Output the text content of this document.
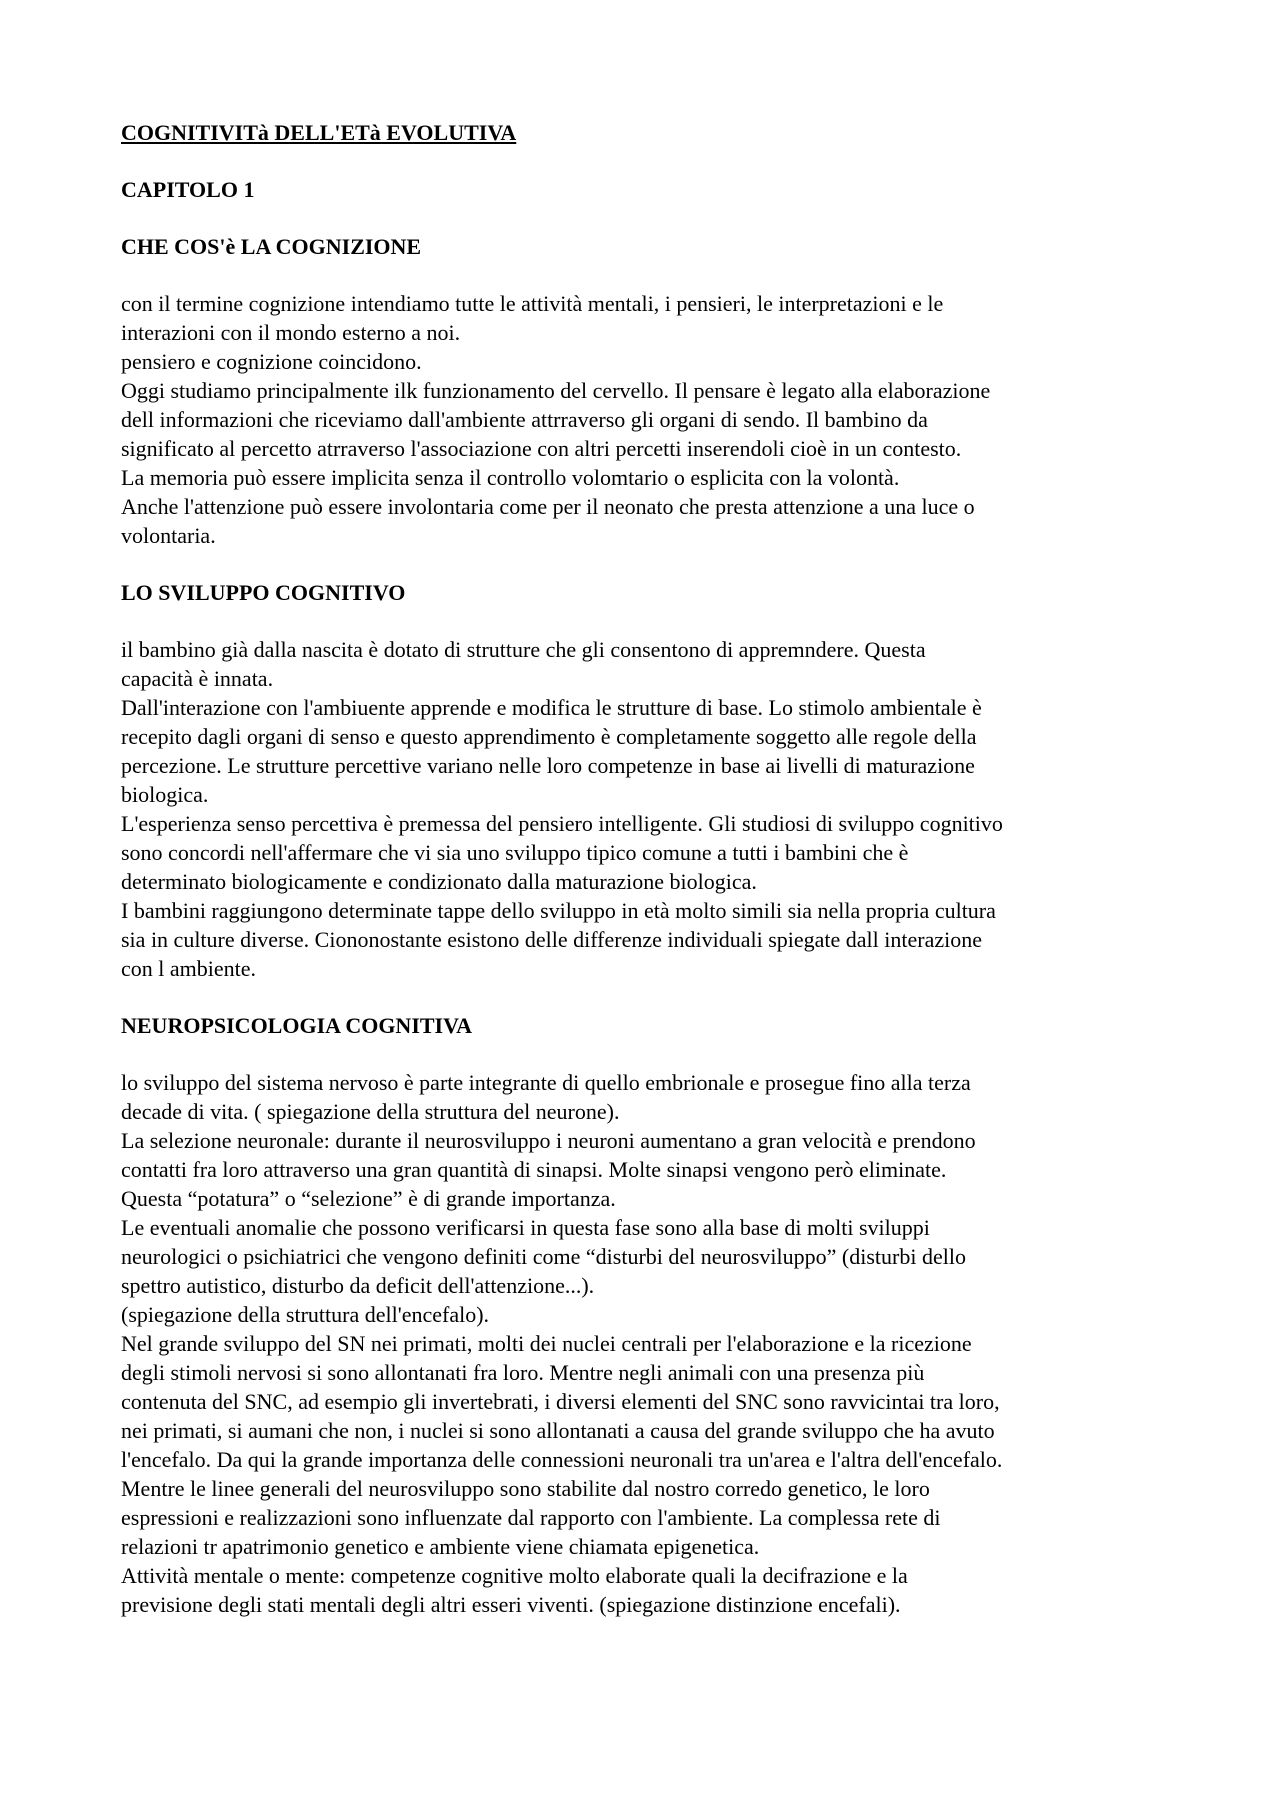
COGNITIVITà DELL'ETà EVOLUTIVA
CAPITOLO 1
CHE COS'è LA COGNIZIONE
con il termine cognizione intendiamo tutte le attività mentali, i pensieri, le interpretazioni e le
interazioni con il mondo esterno a noi.
pensiero e cognizione coincidono.
Oggi studiamo principalmente ilk funzionamento del cervello. Il pensare è legato alla elaborazione
dell informazioni che riceviamo dall'ambiente attrraverso gli organi di sendo. Il bambino da
significato al percetto atrraverso l'associazione con altri percetti inserendoli cioè in un contesto.
La memoria può essere implicita senza il controllo volomtario o esplicita con la volontà.
Anche l'attenzione può essere involontaria come per il neonato che presta attenzione a una luce o
volontaria.
LO SVILUPPO COGNITIVO
il bambino già dalla nascita è dotato di strutture che gli consentono di appremndere. Questa
capacità è innata.
Dall'interazione con l'ambiuente apprende e modifica le strutture di base. Lo stimolo ambientale è
recepito dagli organi di senso e questo apprendimento è completamente soggetto alle regole della
percezione. Le strutture percettive variano nelle loro competenze in base ai livelli di maturazione
biologica.
L'esperienza senso percettiva è premessa del pensiero intelligente. Gli studiosi di sviluppo cognitivo
sono concordi nell'affermare che vi sia uno sviluppo tipico comune a tutti i bambini che è
determinato biologicamente e condizionato dalla maturazione biologica.
I bambini raggiungono determinate tappe dello sviluppo in età molto simili sia nella propria cultura
sia in culture diverse. Ciononostante esistono delle differenze individuali spiegate dall interazione
con l ambiente.
NEUROPSICOLOGIA COGNITIVA
lo sviluppo del sistema nervoso è parte integrante di quello embrionale e prosegue fino alla terza
decade di vita. ( spiegazione della struttura del neurone).
La selezione neuronale: durante il neurosviluppo i neuroni aumentano a gran velocità e prendono
contatti fra loro attraverso una gran quantità di sinapsi. Molte sinapsi vengono però eliminate.
Questa “potatura” o “selezione” è di grande importanza.
Le eventuali anomalie che possono verificarsi in questa fase sono alla base di molti sviluppi
neurologici o psichiatrici che vengono definiti come “disturbi del neurosviluppo” (disturbi dello
spettro autistico, disturbo da deficit dell'attenzione...).
(spiegazione della struttura dell'encefalo).
Nel grande sviluppo del SN nei primati, molti dei nuclei centrali per l'elaborazione e la ricezione
degli stimoli nervosi si sono allontanati fra loro. Mentre negli animali con una presenza più
contenuta del SNC, ad esempio gli invertebrati, i diversi elementi del SNC sono ravvicintai tra loro,
nei primati, si aumani che non, i nuclei si sono allontanati a causa del grande sviluppo che ha avuto
l'encefalo. Da qui la grande importanza delle connessioni neuronali tra un'area e l'altra dell'encefalo.
Mentre le linee generali del neurosviluppo sono stabilite dal nostro corredo genetico, le loro
espressioni e realizzazioni sono influenzate dal rapporto con l'ambiente. La complessa rete di
relazioni tr apatrimonio genetico e ambiente viene chiamata epigenetica.
Attività mentale o mente: competenze cognitive molto elaborate quali la decifrazione e la
previsione degli stati mentali degli altri esseri viventi. (spiegazione distinzione encefali).
